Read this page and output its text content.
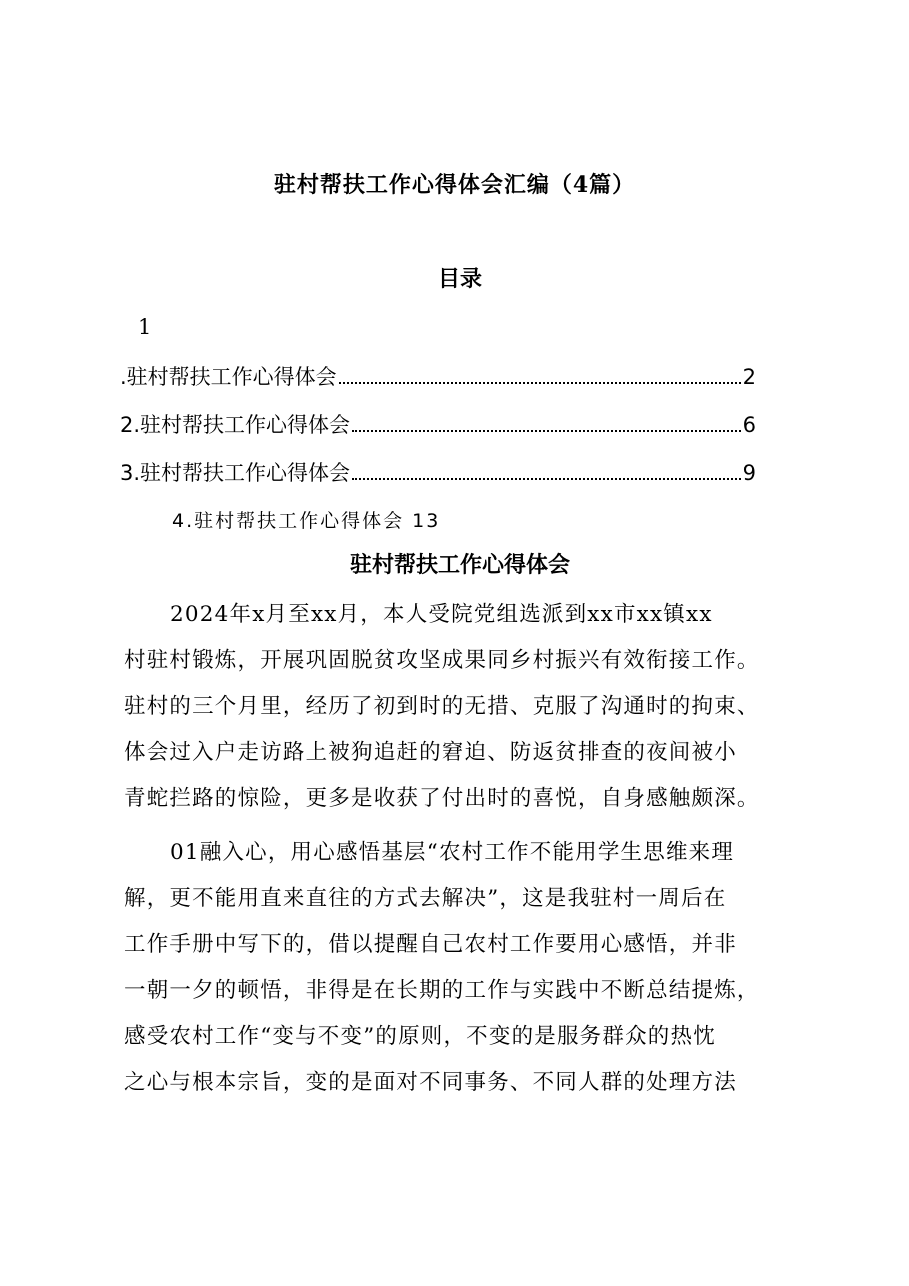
驻村帮扶工作心得体会汇编（4篇）
目录
1
.驻村帮扶工作心得体会	2
2.驻村帮扶工作心得体会	6
3.驻村帮扶工作心得体会	9
4.驻村帮扶工作心得体会 13
驻村帮扶工作心得体会
2024年x月至xx月，本人受院党组选派到xx市xx镇xx
村驻村锻炼，开展巩固脱贫攻坚成果同乡村振兴有效衔接工作。
驻村的三个月里，经历了初到时的无措、克服了沟通时的拘束、
体会过入户走访路上被狗追赶的窘迫、防返贫排查的夜间被小
青蛇拦路的惊险，更多是收获了付出时的喜悦，自身感触颇深。
01融入心，用心感悟基层“农村工作不能用学生思维来理
解，更不能用直来直往的方式去解决”，这是我驻村一周后在
工作手册中写下的，借以提醒自己农村工作要用心感悟，并非
一朝一夕的顿悟，非得是在长期的工作与实践中不断总结提炼，
感受农村工作“变与不变”的原则，不变的是服务群众的热忱
之心与根本宗旨，变的是面对不同事务、不同人群的处理方法
